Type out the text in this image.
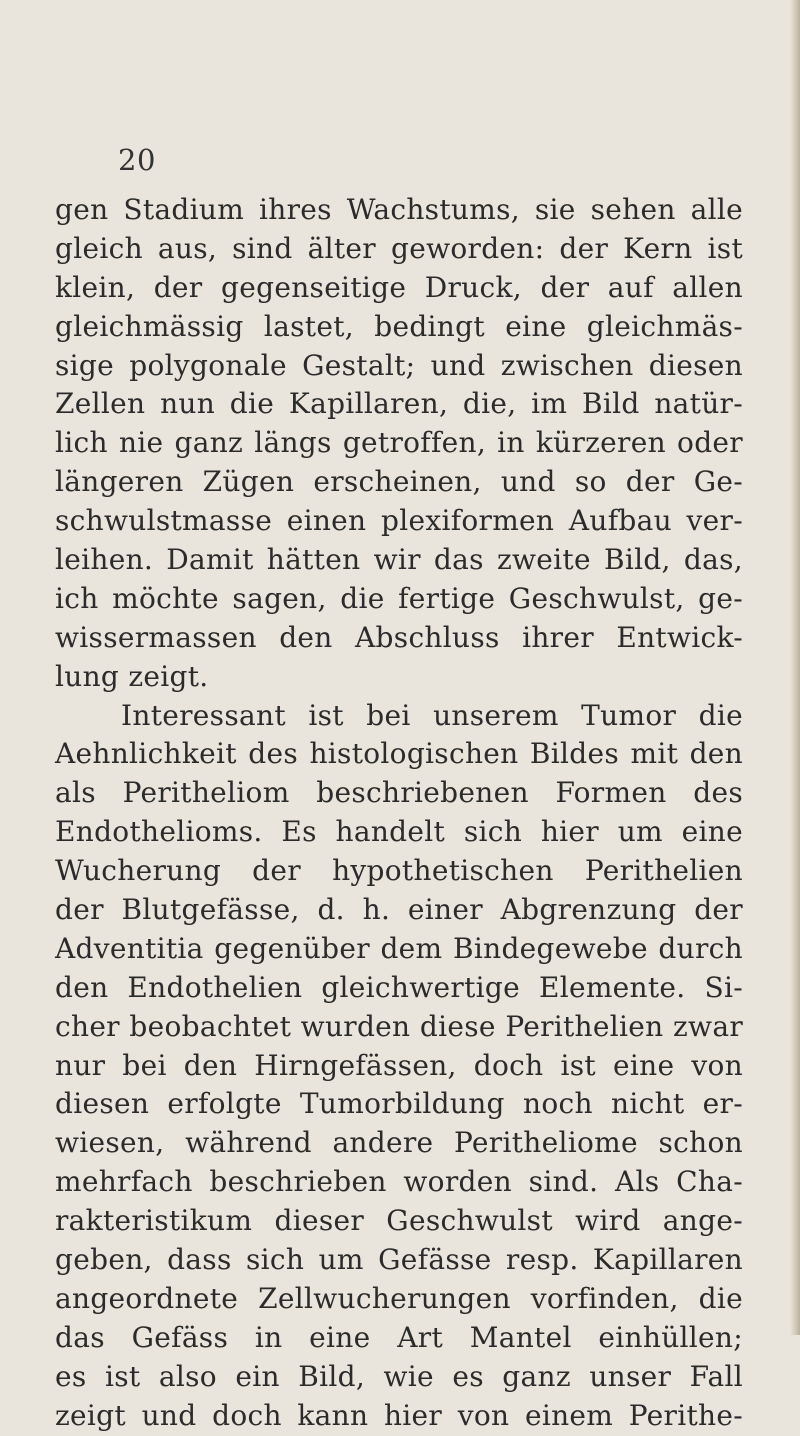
20
gen Stadium ihres Wachstums, sie sehen alle
gleich aus, sind älter geworden: der Kern ist
klein, der gegenseitige Druck, der auf allen
gleichmässig lastet, bedingt eine gleichmäs-
sige polygonale Gestalt; und zwischen diesen
Zellen nun die Kapillaren, die, im Bild natür-
lich nie ganz längs getroffen, in kürzeren oder
längeren Zügen erscheinen, und so der Ge-
schwulstmasse einen plexiformen Aufbau ver-
leihen. Damit hätten wir das zweite Bild, das,
ich möchte sagen, die fertige Geschwulst, ge-
wissermassen den Abschluss ihrer Entwick-
lung zeigt.
Interessant ist bei unserem Tumor die
Aehnlichkeit des histologischen Bildes mit den
als Peritheliom beschriebenen Formen des
Endothelioms. Es handelt sich hier um eine
Wucherung der hypothetischen Perithelien
der Blutgefässe, d. h. einer Abgrenzung der
Adventitia gegenüber dem Bindegewebe durch
den Endothelien gleichwertige Elemente. Si-
cher beobachtet wurden diese Perithelien zwar
nur bei den Hirngefässen, doch ist eine von
diesen erfolgte Tumorbildung noch nicht er-
wiesen, während andere Peritheliome schon
mehrfach beschrieben worden sind. Als Cha-
rakteristikum dieser Geschwulst wird ange-
geben, dass sich um Gefässe resp. Kapillaren
angeordnete Zellwucherungen vorfinden, die
das Gefäss in eine Art Mantel einhüllen;
es ist also ein Bild, wie es ganz unser Fall
zeigt und doch kann hier von einem Perithe-
